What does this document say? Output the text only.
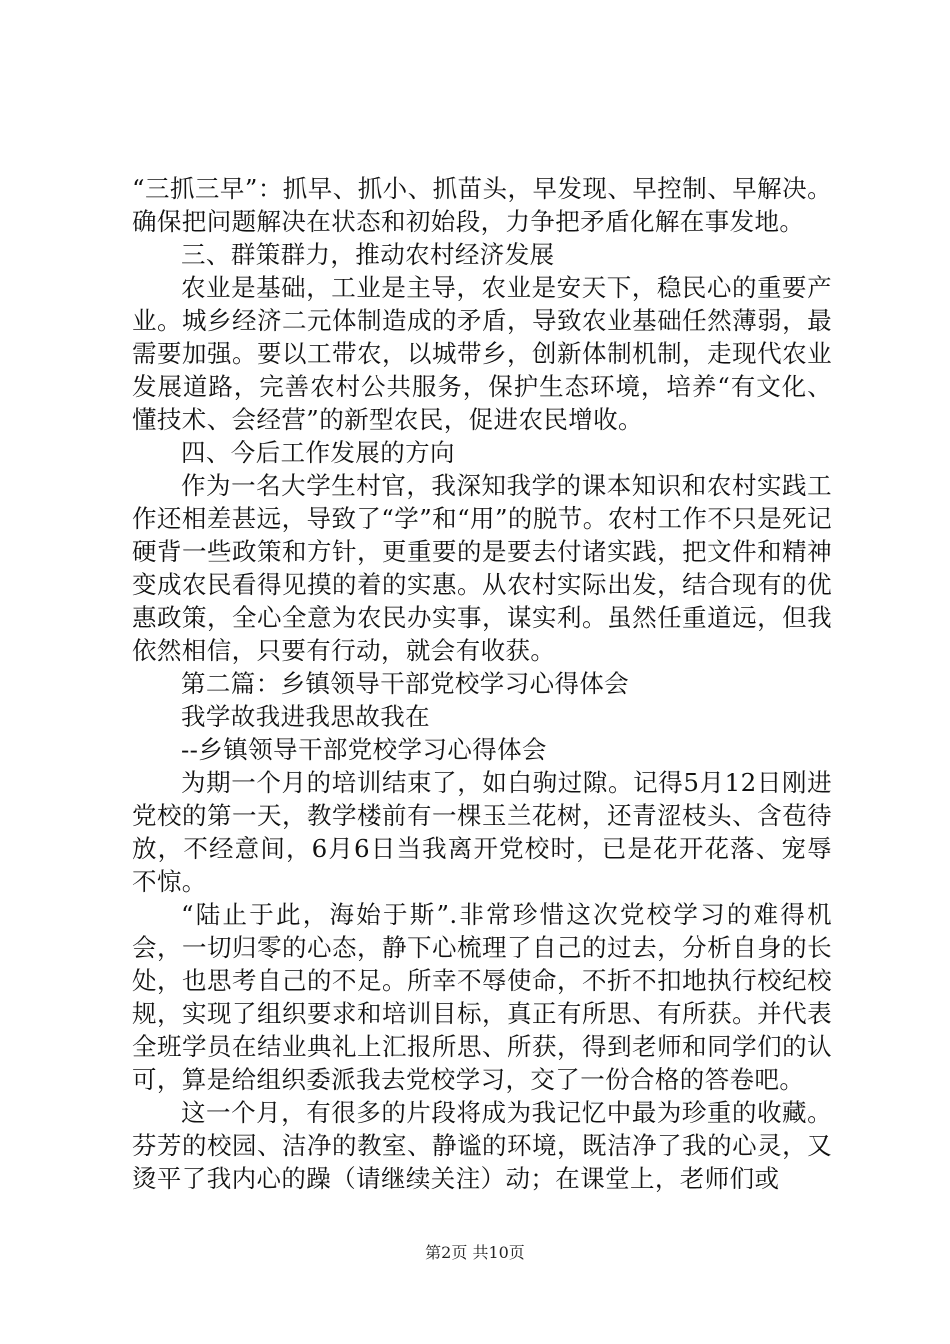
“三抓三早”：抓早、抓小、抓苗头，早发现、早控制、早解决。确保把问题解决在状态和初始段，力争把矛盾化解在事发地。

三、群策群力，推动农村经济发展

农业是基础，工业是主导，农业是安天下，稳民心的重要产业。城乡经济二元体制造成的矛盾，导致农业基础任然薄弱，最需要加强。要以工带农，以城带乡，创新体制机制，走现代农业发展道路，完善农村公共服务，保护生态环境，培养“有文化、懂技术、会经营”的新型农民，促进农民增收。

四、今后工作发展的方向

作为一名大学生村官，我深知我学的课本知识和农村实践工作还相差甚远，导致了“学”和“用”的脱节。农村工作不只是死记硬背一些政策和方针，更重要的是要去付诸实践，把文件和精神变成农民看得见摸的着的实惠。从农村实际出发，结合现有的优惠政策，全心全意为农民办实事，谋实利。虽然任重道远，但我依然相信，只要有行动，就会有收获。

第二篇：乡镇领导干部党校学习心得体会

我学故我进我思故我在

--乡镇领导干部党校学习心得体会

为期一个月的培训结束了，如白驹过隙。记得5月12日刚进党校的第一天，教学楼前有一棵玉兰花树，还青涩枝头、含苞待放，不经意间，6月6日当我离开党校时，已是花开花落、宠辱不惊。

“陆止于此，海始于斯”.非常珍惜这次党校学习的难得机会，一切归零的心态，静下心梳理了自己的过去，分析自身的长处，也思考自己的不足。所幸不辱使命，不折不扣地执行校纪校规，实现了组织要求和培训目标，真正有所思、有所获。并代表全班学员在结业典礼上汇报所思、所获，得到老师和同学们的认可，算是给组织委派我去党校学习，交了一份合格的答卷吧。

这一个月，有很多的片段将成为我记忆中最为珍重的收藏。芬芳的校园、洁净的教室、静谧的环境，既洁净了我的心灵，又烫平了我内心的躁（请继续关注）动；在课堂上，老师们或

第2页 共10页
